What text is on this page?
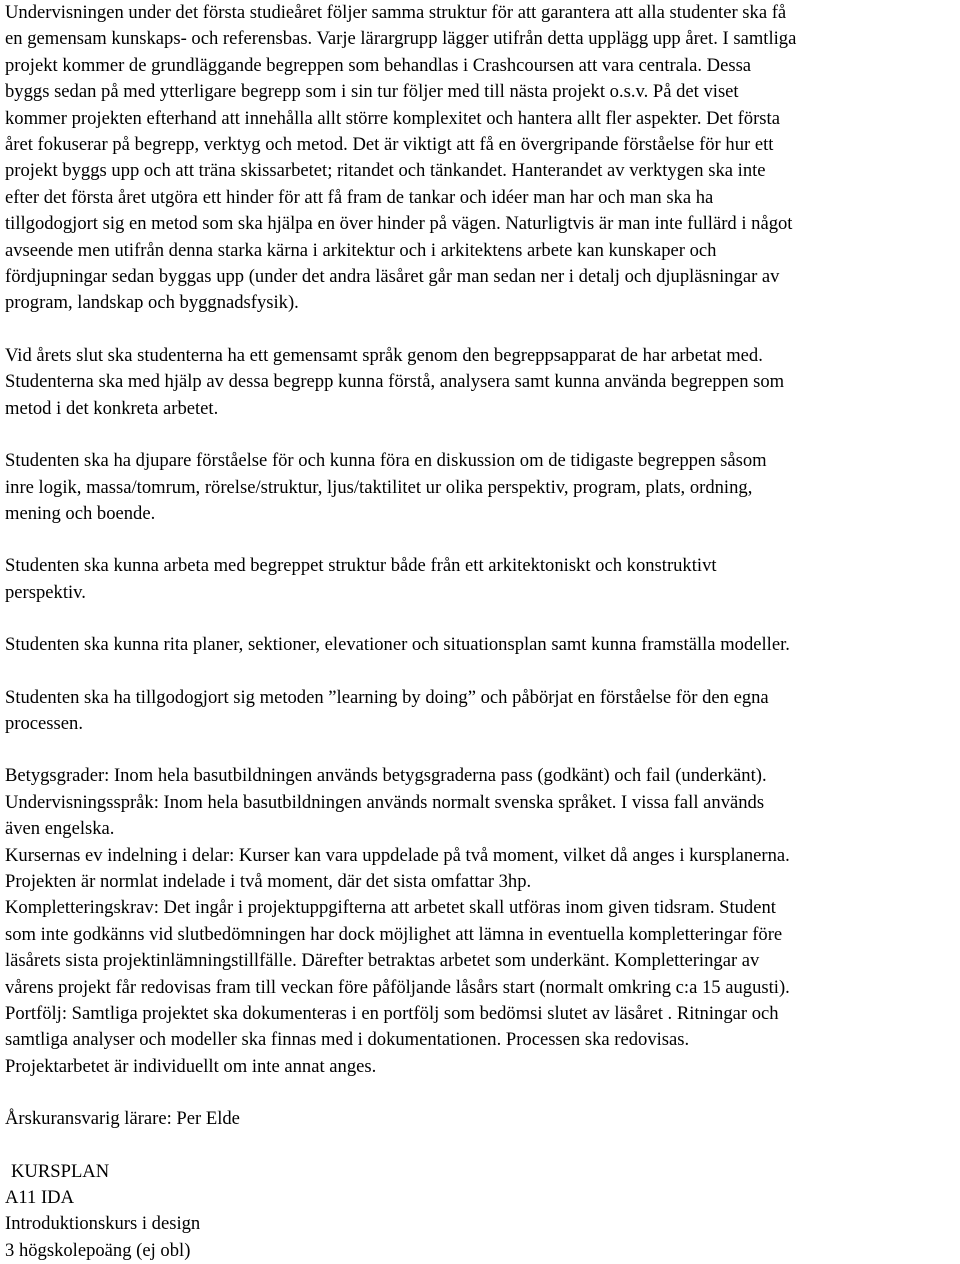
Undervisningen under det första studieåret följer samma struktur för att garantera att alla studenter ska få
en gemensam kunskaps- och referensbas. Varje lärargrupp lägger utifrån detta upplägg upp året. I samtliga
projekt kommer de grundläggande begreppen som behandlas i Crashcoursen att vara centrala. Dessa
byggs sedan på med ytterligare begrepp som i sin tur följer med till nästa projekt o.s.v. På det viset
kommer projekten efterhand att innehålla allt större komplexitet och hantera allt fler aspekter. Det första
året fokuserar på begrepp, verktyg och metod. Det är viktigt att få en övergripande förståelse för hur ett
projekt byggs upp och att träna skissarbetet; ritandet och tänkandet. Hanterandet av verktygen ska inte
efter det första året utgöra ett hinder för att få fram de tankar och idéer man har och man ska ha
tillgodogjort sig en metod som ska hjälpa en över hinder på vägen. Naturligtvis är man inte fullärd i något
avseende men utifrån denna starka kärna i arkitektur och i arkitektens arbete kan kunskaper och
fördjupningar sedan byggas upp (under det andra läsåret går man sedan ner i detalj och djupläsningar av
program, landskap och byggnadsfysik).
Vid årets slut ska studenterna ha ett gemensamt språk genom den begreppsapparat de har arbetat med.
Studenterna ska med hjälp av dessa begrepp kunna förstå, analysera samt kunna använda begreppen som
metod i det konkreta arbetet.
Studenten ska ha djupare förståelse för och kunna föra en diskussion om de tidigaste begreppen såsom
inre logik, massa/tomrum, rörelse/struktur, ljus/taktilitet ur olika perspektiv, program, plats, ordning,
mening och boende.
Studenten ska kunna arbeta med begreppet struktur både från ett arkitektoniskt och konstruktivt
perspektiv.
Studenten ska kunna rita planer, sektioner, elevationer och situationsplan samt kunna framställa modeller.
Studenten ska ha tillgodogjort sig metoden ”learning by doing” och påbörjat en förståelse för den egna
processen.
Betygsgrader: Inom hela basutbildningen används betygsgraderna pass (godkänt) och fail (underkänt).
Undervisningsspråk: Inom hela basutbildningen används normalt svenska språket. I vissa fall används
även engelska.
Kursernas ev indelning i delar: Kurser kan vara uppdelade på två moment, vilket då anges i kursplanerna.
Projekten är normlat indelade i två moment, där det sista omfattar 3hp.
Kompletteringskrav: Det ingår i projektuppgifterna att arbetet skall utföras inom given tidsram. Student
som inte godkänns vid slutbedömningen har dock möjlighet att lämna in eventuella kompletteringar före
läsårets sista projektinlämningstillfälle. Därefter betraktas arbetet som underkänt. Kompletteringar av
vårens projekt får redovisas fram till veckan före påföljande låsårs start (normalt omkring c:a 15 augusti).
Portfölj: Samtliga projektet ska dokumenteras i en portfölj som bedömsi slutet av läsåret . Ritningar och
samtliga analyser och modeller ska finnas med i dokumentationen. Processen ska redovisas.
Projektarbetet är individuellt om inte annat anges.
Årskuransvarig lärare: Per Elde
KURSPLAN
A11 IDA
Introduktionskurs i design
3 högskolepoäng (ej obl)
